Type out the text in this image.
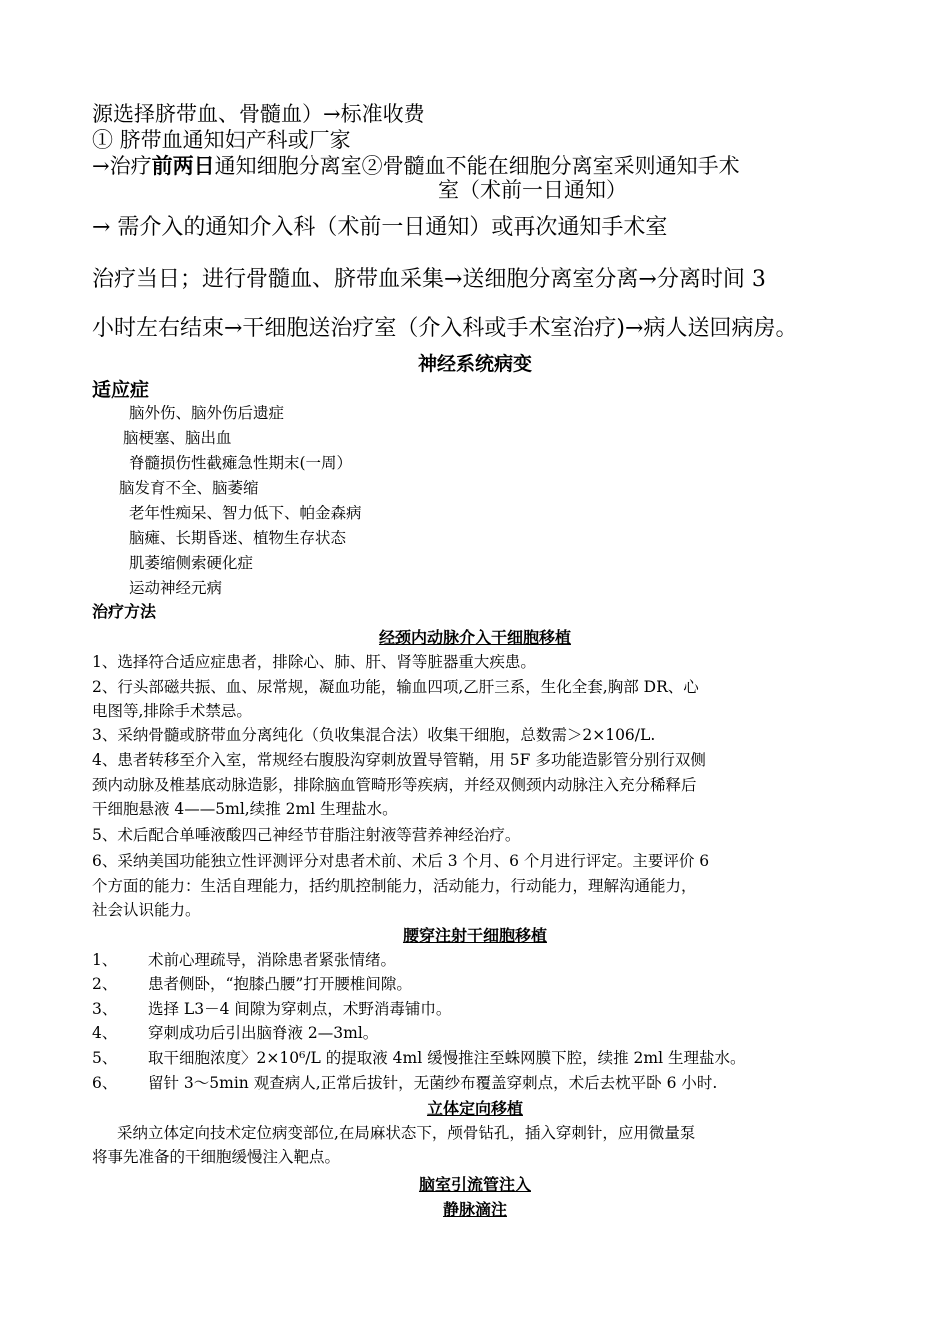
源选择脐带血、骨髓血）→标准收费
① 脐带血通知妇产科或厂家
→治疗前两日通知细胞分离室②骨髓血不能在细胞分离室采则通知手术
室（术前一日通知）
→ 需介入的通知介入科（术前一日通知）或再次通知手术室
治疗当日；进行骨髓血、脐带血采集→送细胞分离室分离→分离时间 3
小时左右结束→干细胞送治疗室（介入科或手术室治疗)→病人送回病房。
神经系统病变
适应症
脑外伤、脑外伤后遗症
脑梗塞、脑出血
脊髓损伤性截瘫急性期末(一周）
脑发育不全、脑萎缩
老年性痴呆、智力低下、帕金森病
脑瘫、长期昏迷、植物生存状态
肌萎缩侧索硬化症
运动神经元病
治疗方法
经颈内动脉介入干细胞移植
1、选择符合适应症患者，排除心、肺、肝、肾等脏器重大疾患。
2、行头部磁共振、血、尿常规，凝血功能，输血四项,乙肝三系，生化全套,胸部 DR、心
电图等,排除手术禁忌。
3、采纳骨髓或脐带血分离纯化（负收集混合法）收集干细胞，总数需＞2×106/L.
4、患者转移至介入室，常规经右腹股沟穿刺放置导管鞘，用 5F 多功能造影管分别行双侧
颈内动脉及椎基底动脉造影，排除脑血管畸形等疾病，并经双侧颈内动脉注入充分稀释后
干细胞悬液 4——5ml,续推 2ml 生理盐水。
5、术后配合单唾液酸四己神经节苷脂注射液等营养神经治疗。
6、采纳美国功能独立性评测评分对患者术前、术后 3 个月、6 个月进行评定。主要评价 6
个方面的能力：生活自理能力，括约肌控制能力，活动能力，行动能力，理解沟通能力，
社会认识能力。
腰穿注射干细胞移植
1、 术前心理疏导，消除患者紧张情绪。
2、 患者侧卧，“抱膝凸腰”打开腰椎间隙。
3、 选择 L3－4 间隙为穿刺点，术野消毒铺巾。
4、 穿刺成功后引出脑脊液 2—3ml。
5、 取干细胞浓度〉2×10⁶/L 的提取液 4ml 缓慢推注至蛛网膜下腔，续推 2ml 生理盐水。
6、 留针 3～5min 观查病人,正常后拔针，无菌纱布覆盖穿刺点，术后去枕平卧 6 小时.
立体定向移植
采纳立体定向技术定位病变部位,在局麻状态下，颅骨钻孔，插入穿刺针，应用微量泵
将事先准备的干细胞缓慢注入靶点。
脑室引流管注入
静脉滴注
